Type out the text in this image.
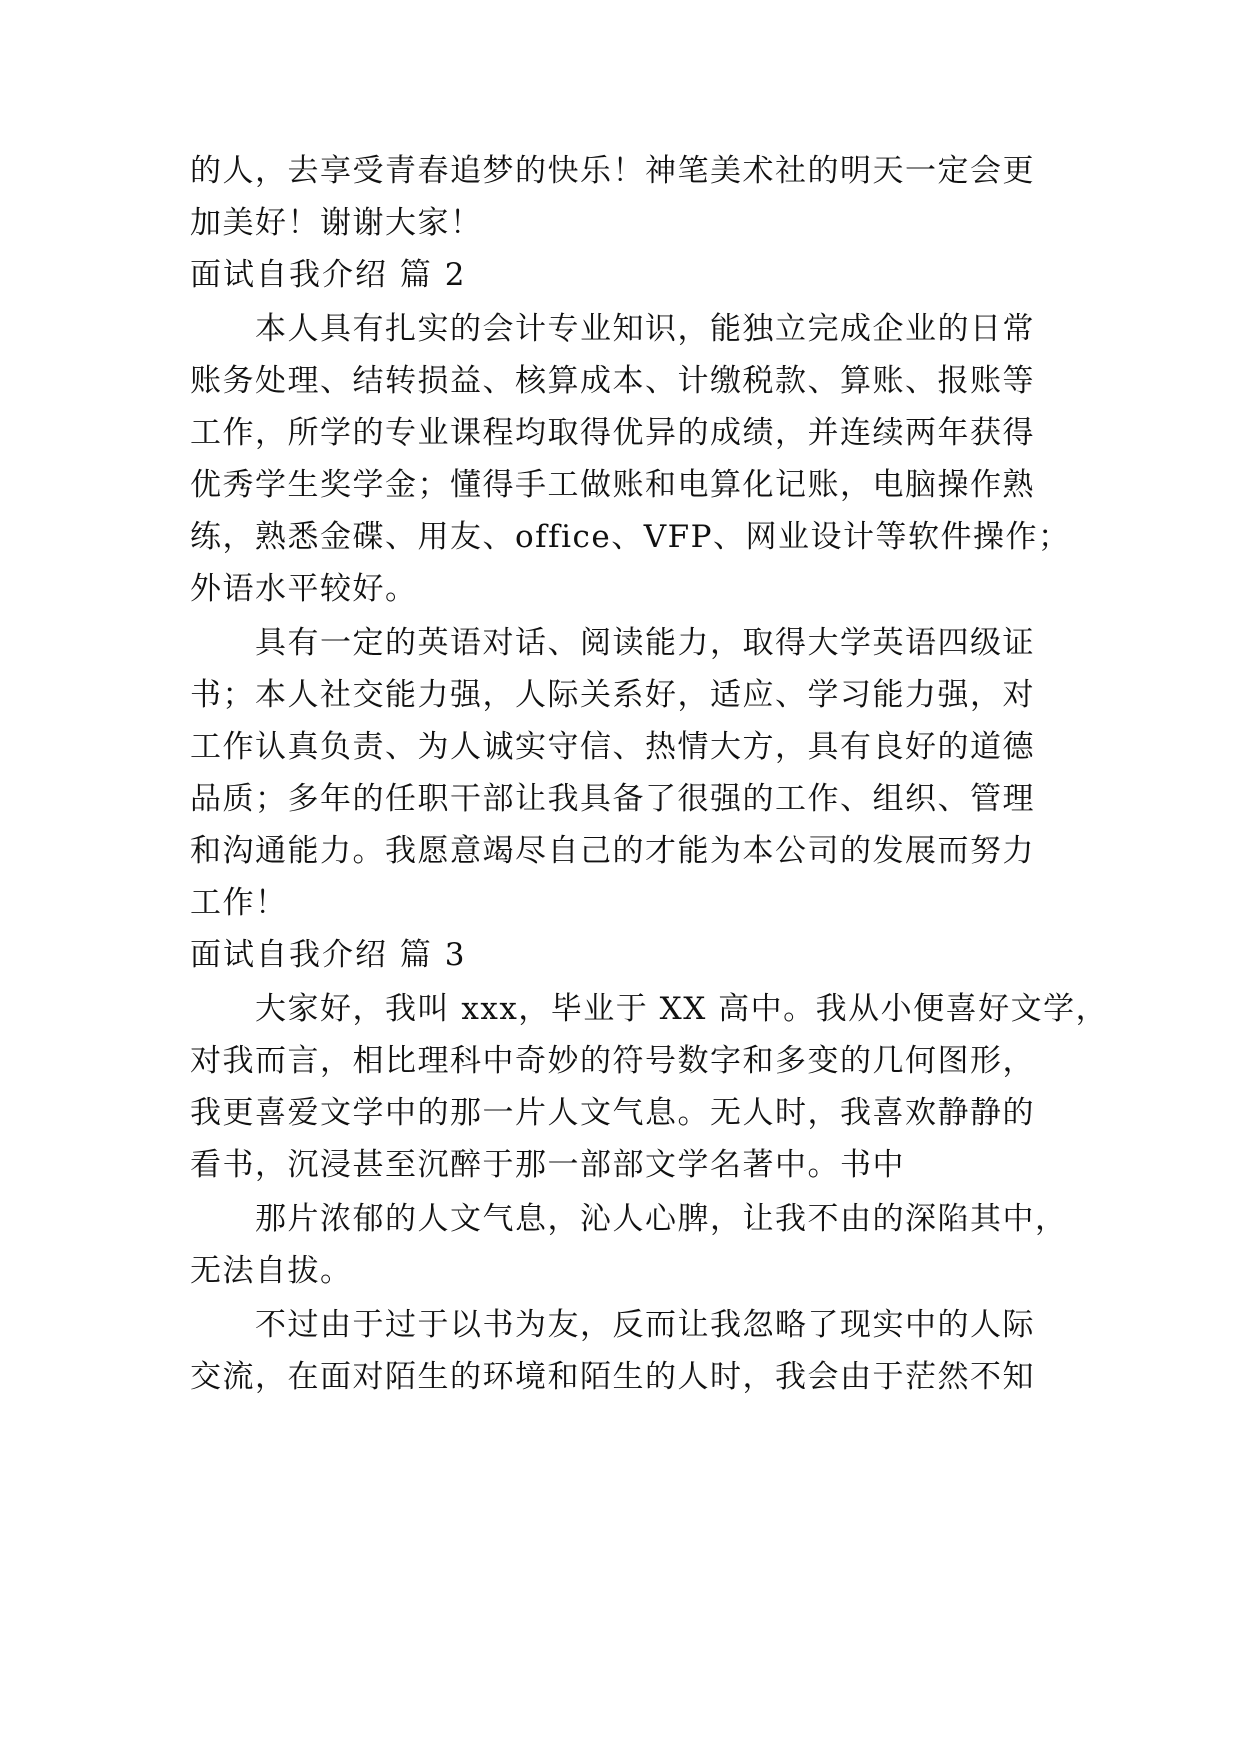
的人，去享受青春追梦的快乐！神笔美术社的明天一定会更
加美好！谢谢大家！
面试自我介绍 篇 2
本人具有扎实的会计专业知识，能独立完成企业的日常
账务处理、结转损益、核算成本、计缴税款、算账、报账等
工作，所学的专业课程均取得优异的成绩，并连续两年获得
优秀学生奖学金；懂得手工做账和电算化记账，电脑操作熟
练，熟悉金碟、用友、office、VFP、网业设计等软件操作；
外语水平较好。
具有一定的英语对话、阅读能力，取得大学英语四级证
书；本人社交能力强，人际关系好，适应、学习能力强，对
工作认真负责、为人诚实守信、热情大方，具有良好的道德
品质；多年的任职干部让我具备了很强的工作、组织、管理
和沟通能力。我愿意竭尽自己的才能为本公司的发展而努力
工作！
面试自我介绍 篇 3
大家好，我叫 xxx，毕业于 XX 高中。我从小便喜好文学，
对我而言，相比理科中奇妙的符号数字和多变的几何图形，
我更喜爱文学中的那一片人文气息。无人时，我喜欢静静的
看书，沉浸甚至沉醉于那一部部文学名著中。书中
那片浓郁的人文气息，沁人心脾，让我不由的深陷其中，
无法自拔。
不过由于过于以书为友，反而让我忽略了现实中的人际
交流，在面对陌生的环境和陌生的人时，我会由于茫然不知
